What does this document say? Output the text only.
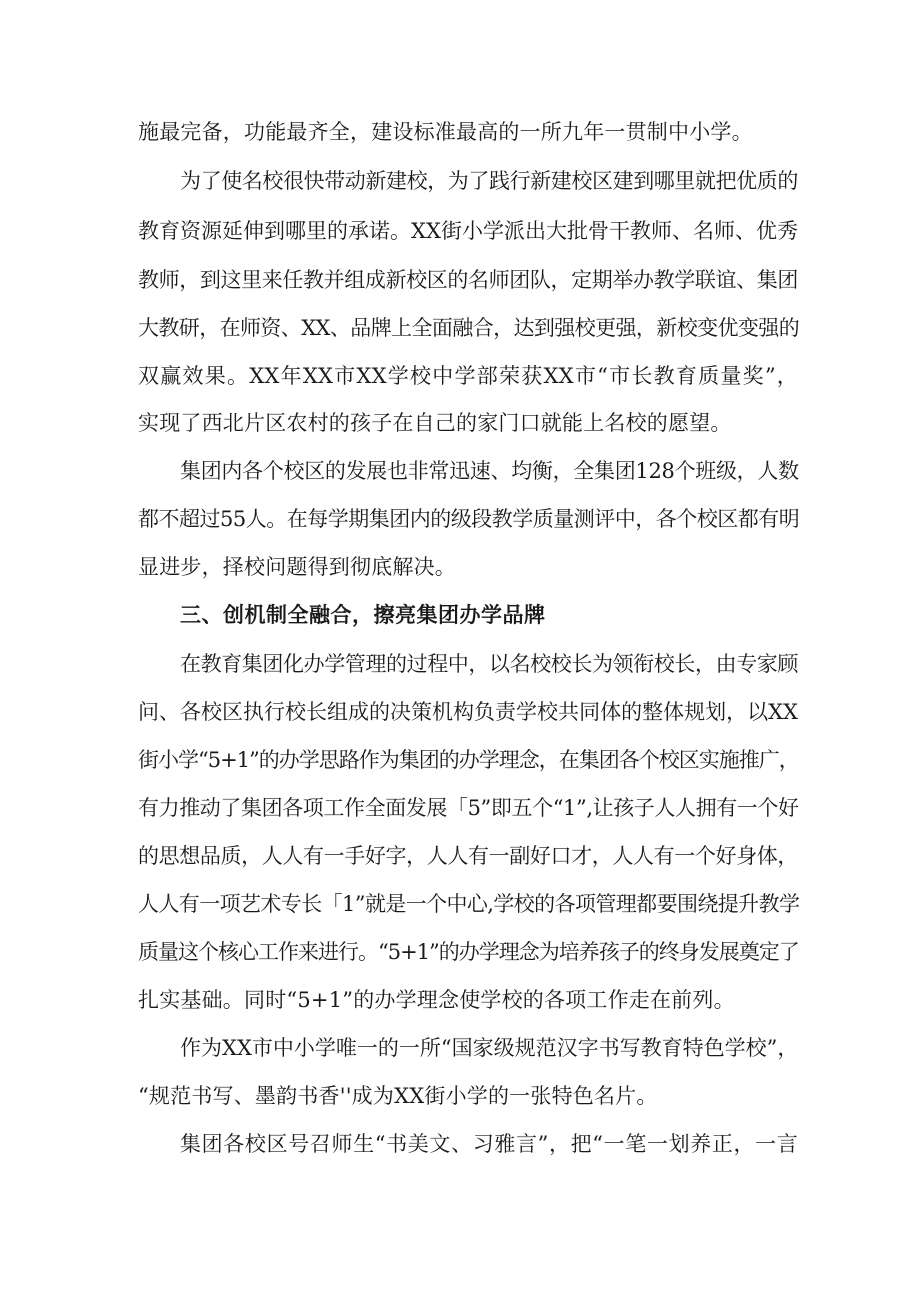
施最完备，功能最齐全，建设标准最高的一所九年一贯制中小学。
为了使名校很快带动新建校，为了践行新建校区建到哪里就把优质的
教育资源延伸到哪里的承诺。XX街小学派出大批骨干教师、名师、优秀
教师，到这里来任教并组成新校区的名师团队，定期举办教学联谊、集团
大教研，在师资、XX、品牌上全面融合，达到强校更强，新校变优变强的
双赢效果。XX年XX市XX学校中学部荣获XX市“市长教育质量奖”，
实现了西北片区农村的孩子在自己的家门口就能上名校的愿望。
集团内各个校区的发展也非常迅速、均衡，全集团128个班级，人数
都不超过55人。在每学期集团内的级段教学质量测评中，各个校区都有明
显进步，择校问题得到彻底解决。
三、创机制全融合，擦亮集团办学品牌
在教育集团化办学管理的过程中，以名校校长为领衔校长，由专家顾
问、各校区执行校长组成的决策机构负责学校共同体的整体规划，以XX
街小学“5+1”的办学思路作为集团的办学理念，在集团各个校区实施推广，
有力推动了集团各项工作全面发展「5”即五个“1”,让孩子人人拥有一个好
的思想品质，人人有一手好字，人人有一副好口才，人人有一个好身体，
人人有一项艺术专长「1”就是一个中心,学校的各项管理都要围绕提升教学
质量这个核心工作来进行。“5+1”的办学理念为培养孩子的终身发展奠定了
扎实基础。同时“5+1”的办学理念使学校的各项工作走在前列。
作为XX市中小学唯一的一所“国家级规范汉字书写教育特色学校”，
“规范书写、墨韵书香''成为XX街小学的一张特色名片。
集团各校区号召师生“书美文、习雅言”，把“一笔一划养正，一言
